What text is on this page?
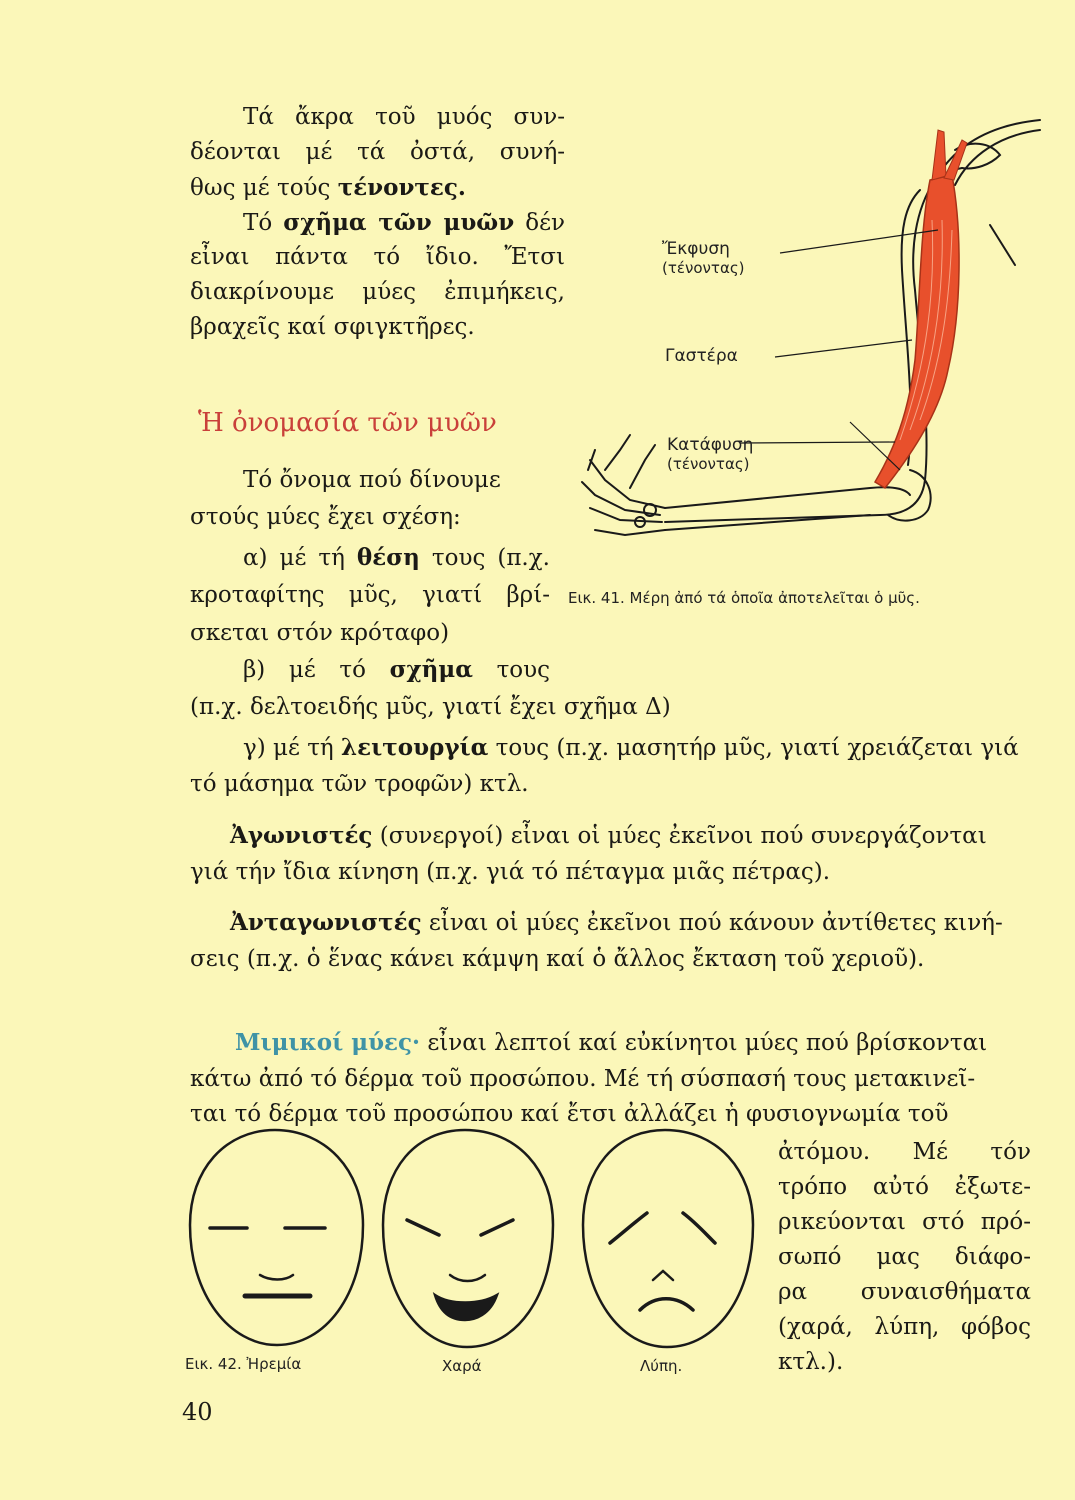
Τά ἄκρα τοῦ μυός συν-

δέονται μέ τά ὀστά, συνή-

θως μέ τούς τένοντες.

Τό σχῆμα τῶν μυῶν δέν

εἶναι πάντα τό ἴδιο. Ἔτσι

διακρίνουμε μύες ἐπιμήκεις,

βραχεῖς καί σφιγκτῆρες.

Ἡ ὀνομασία τῶν μυῶν

Τό ὄνομα πού δίνουμε

στούς μύες ἔχει σχέση:

α) μέ τή θέση τους (π.χ.

κροταφίτης μῦς, γιατί βρί-

σκεται στόν κρόταφο)

β) μέ τό σχῆμα τους

(π.χ. δελτοειδής μῦς, γιατί ἔχει σχῆμα Δ)

γ) μέ τή λειτουργία τους (π.χ. μασητήρ μῦς, γιατί χρειάζεται γιά

τό μάσημα τῶν τροφῶν) κτλ.

Ἀγωνιστές (συνεργοί) εἶναι οἱ μύες ἐκεῖνοι πού συνεργάζονται

γιά τήν ἴδια κίνηση (π.χ. γιά τό πέταγμα μιᾶς πέτρας).

Ἀνταγωνιστές εἶναι οἱ μύες ἐκεῖνοι πού κάνουν ἀντίθετες κινή-

σεις (π.χ. ὁ ἕνας κάνει κάμψη καί ὁ ἄλλος ἔκταση τοῦ χεριοῦ).

Μιμικοί μύες· εἶναι λεπτοί καί εὐκίνητοι μύες πού βρίσκονται

κάτω ἀπό τό δέρμα τοῦ προσώπου. Μέ τή σύσπασή τους μετακινεῖ-

ται τό δέρμα τοῦ προσώπου καί ἔτσι ἀλλάζει ἡ φυσιογνωμία τοῦ

ἀτόμου. Μέ τόν

τρόπο αὐτό ἐξωτε-

ρικεύονται στό πρό-

σωπό μας διάφο-

ρα συναισθήματα

(χαρά, λύπη, φόβος

κτλ.).

Ἔκφυση
(τένοντας)
Γαστέρα
Κατάφυση
(τένοντας)
Εικ. 41. Μέρη ἀπό τά ὁποῖα ἀποτελεῖται ὁ μῦς.
Εικ. 42. Ἠρεμία	Χαρά	Λύπη.
40
